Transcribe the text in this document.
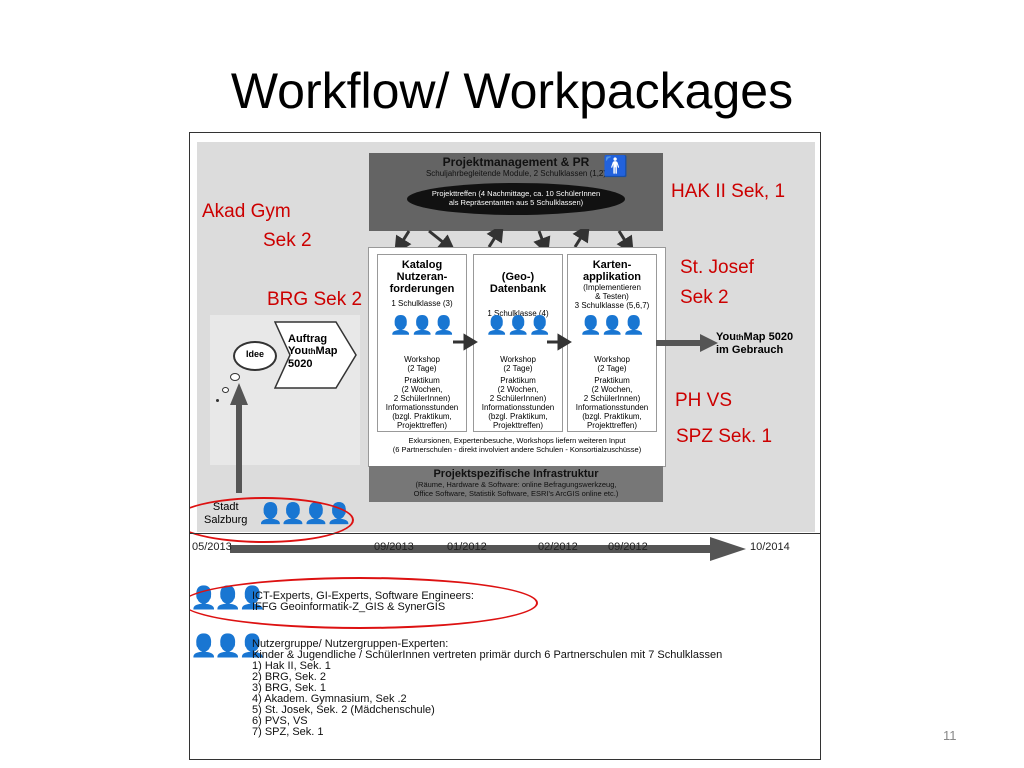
Workflow/ Workpackages
Projektmanagement & PR
Schuljahrbegleitende Module, 2 Schulklassen (1,2)
Projekttreffen (4 Nachmittage, ca. 10 SchülerInnen
als Repräsentanten aus 5 Schulklassen)
🚹
Katalog
Nutzeran-
forderungen
1 Schulklasse (3)
👤👤👤
Workshop
(2 Tage)
Praktikum
(2 Wochen,
2 SchülerInnen)
Informationsstunden
(bzgl. Praktikum,
Projekttreffen)
(Geo-)
Datenbank
1 Schulklasse (4)
👤👤👤
Workshop
(2 Tage)
Praktikum
(2 Wochen,
2 SchülerInnen)
Informationsstunden
(bzgl. Praktikum,
Projekttreffen)
Karten-
applikation
(Implementieren
& Testen)
3 Schulklasse (5,6,7)
👤👤👤
Workshop
(2 Tage)
Praktikum
(2 Wochen,
2 SchülerInnen)
Informationsstunden
(bzgl. Praktikum,
Projekttreffen)
Exkursionen, Expertenbesuche, Workshops liefern weiteren Input
(6 Partnerschulen - direkt involviert andere Schulen - Konsortialzuschüsse)
Projektspezifische Infrastruktur
(Räume, Hardware & Software: online Befragungswerkzeug,
Office Software, Statistik Software, ESRI's ArcGIS online etc.)
Idee
Auftrag
YouthMap
5020
YouthMap 5020
im Gebrauch
Stadt
Salzburg 👤👤👤👤
05/2013	09/2013	01/2012	02/2012	09/2012	10/2014
👤👤👤
ICT-Experts, GI-Experts, Software Engineers:
IFFG Geoinformatik-Z_GIS & SynerGIS
👤👤👤
Nutzergruppe/ Nutzergruppen-Experten:
Kinder & Jugendliche / SchülerInnen vertreten primär durch 6 Partnerschulen mit 7 Schulklassen
1) Hak II, Sek. 1
2) BRG, Sek. 2
3) BRG, Sek. 1
4) Akadem. Gymnasium, Sek .2
5) St. Josek, Sek. 2 (Mädchenschule)
6) PVS, VS
7) SPZ, Sek. 1
HAK II Sek, 1
Akad Gym
Sek 2
BRG Sek 2
St. Josef
Sek 2
PH VS
SPZ Sek. 1
11
